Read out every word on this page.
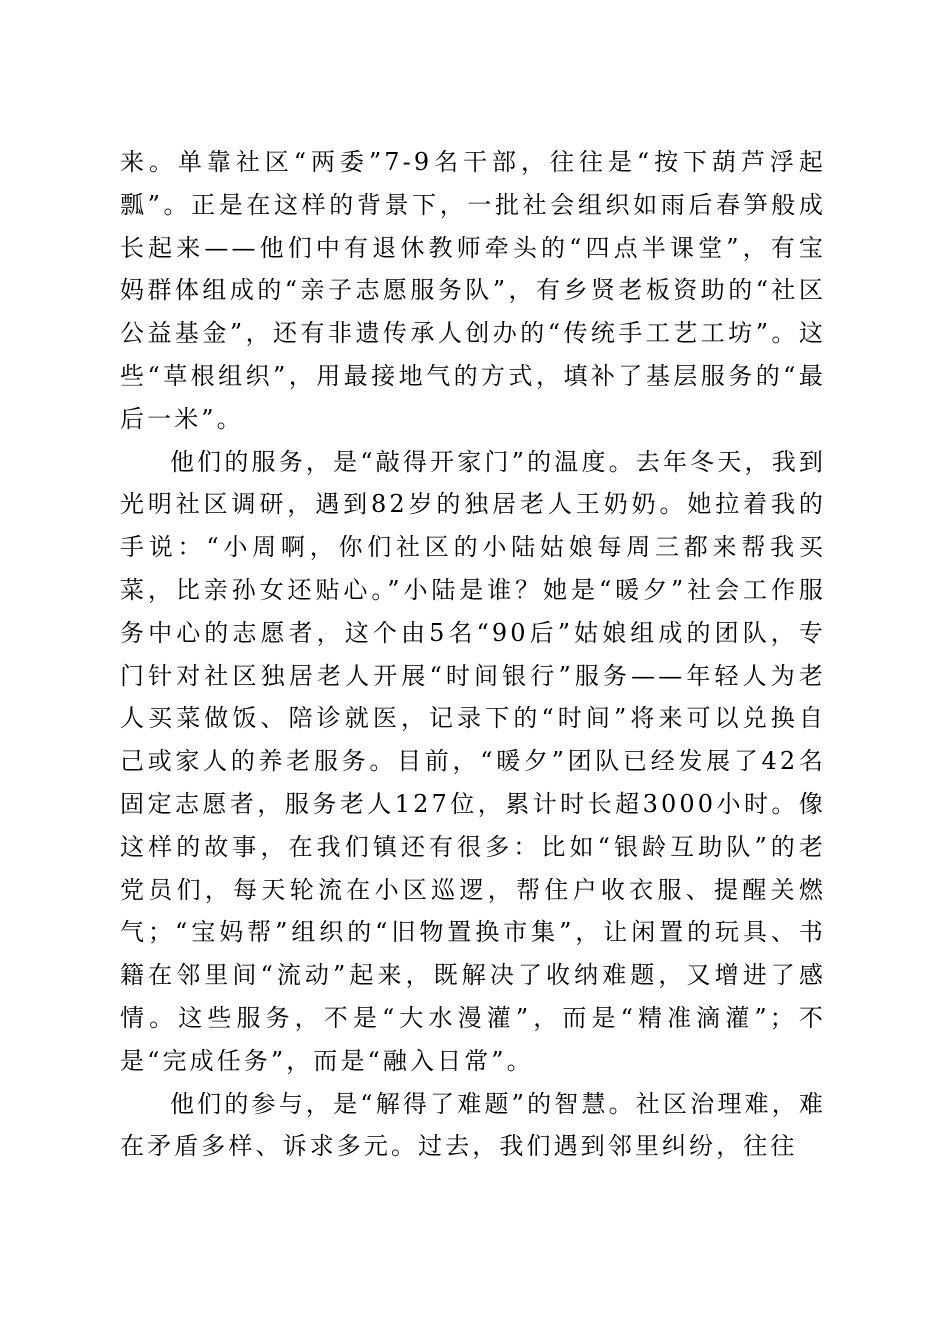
来。单靠社区“两委”7-9名干部，往往是“按下葫芦浮起瓢”。正是在这样的背景下，一批社会组织如雨后春笋般成长起来——他们中有退休教师牵头的“四点半课堂”，有宝妈群体组成的“亲子志愿服务队”，有乡贤老板资助的“社区公益基金”，还有非遗传承人创办的“传统手工艺工坊”。这些“草根组织”，用最接地气的方式，填补了基层服务的“最后一米”。

他们的服务，是“敲得开家门”的温度。去年冬天，我到光明社区调研，遇到82岁的独居老人王奶奶。她拉着我的手说：“小周啊，你们社区的小陆姑娘每周三都来帮我买菜，比亲孙女还贴心。”小陆是谁？她是“暖夕”社会工作服务中心的志愿者，这个由5名“90后”姑娘组成的团队，专门针对社区独居老人开展“时间银行”服务——年轻人为老人买菜做饭、陪诊就医，记录下的“时间”将来可以兑换自己或家人的养老服务。目前，“暖夕”团队已经发展了42名固定志愿者，服务老人127位，累计时长超3000小时。像这样的故事，在我们镇还有很多：比如“银龄互助队”的老党员们，每天轮流在小区巡逻，帮住户收衣服、提醒关燃气；“宝妈帮”组织的“旧物置换市集”，让闲置的玩具、书籍在邻里间“流动”起来，既解决了收纳难题，又增进了感情。这些服务，不是“大水漫灌”，而是“精准滴灌”；不是“完成任务”，而是“融入日常”。

他们的参与，是“解得了难题”的智慧。社区治理难，难在矛盾多样、诉求多元。过去，我们遇到邻里纠纷，往往
